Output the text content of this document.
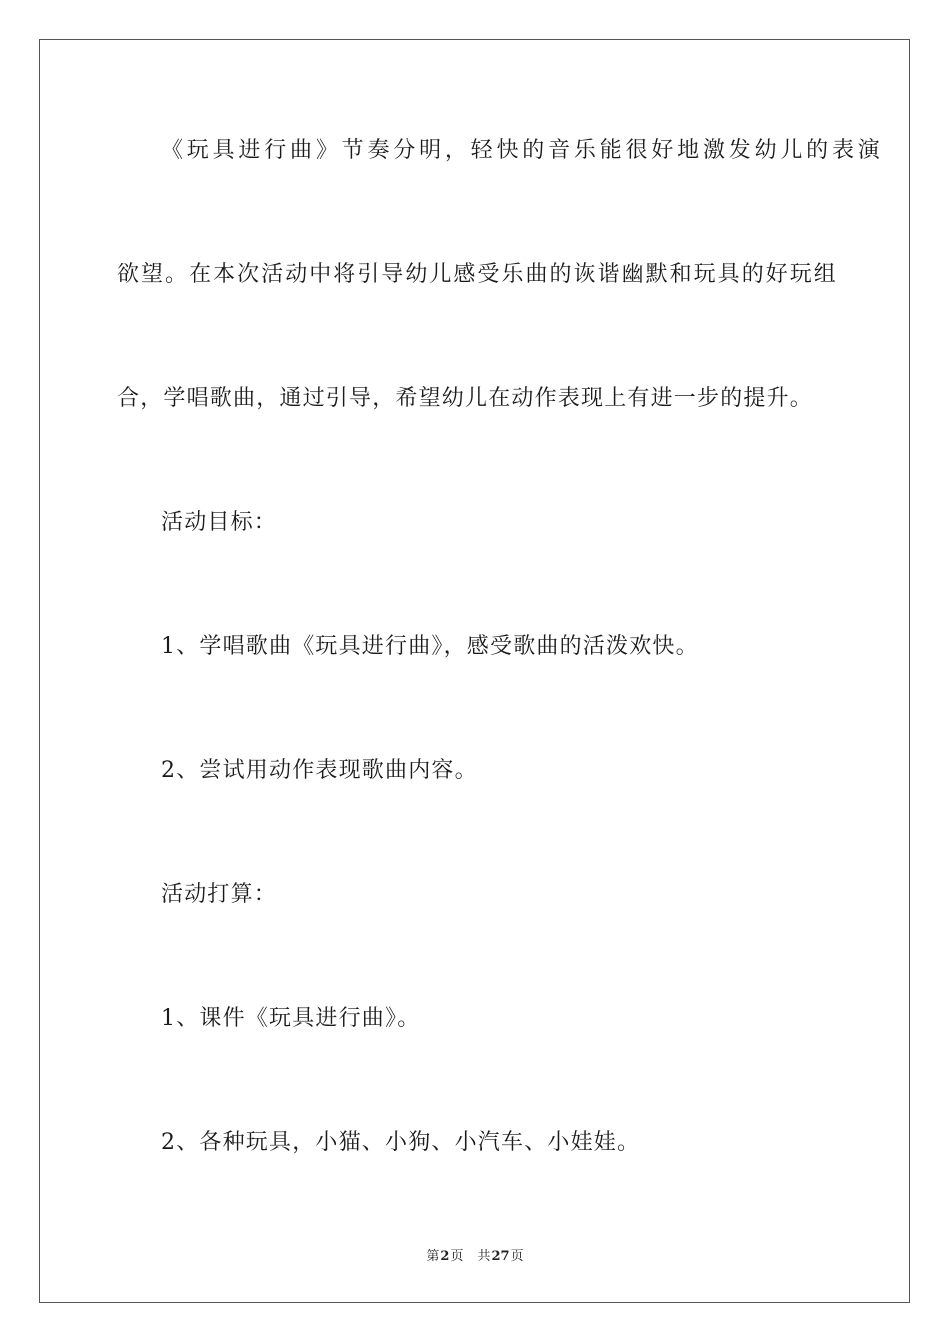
《玩具进行曲》节奏分明，轻快的音乐能很好地激发幼儿的表演
欲望。在本次活动中将引导幼儿感受乐曲的诙谐幽默和玩具的好玩组
合，学唱歌曲，通过引导，希望幼儿在动作表现上有进一步的提升。
活动目标：
1、学唱歌曲《玩具进行曲》，感受歌曲的活泼欢快。
2、尝试用动作表现歌曲内容。
活动打算：
1、课件《玩具进行曲》。
2、各种玩具，小猫、小狗、小汽车、小娃娃。
第2页 共27页
